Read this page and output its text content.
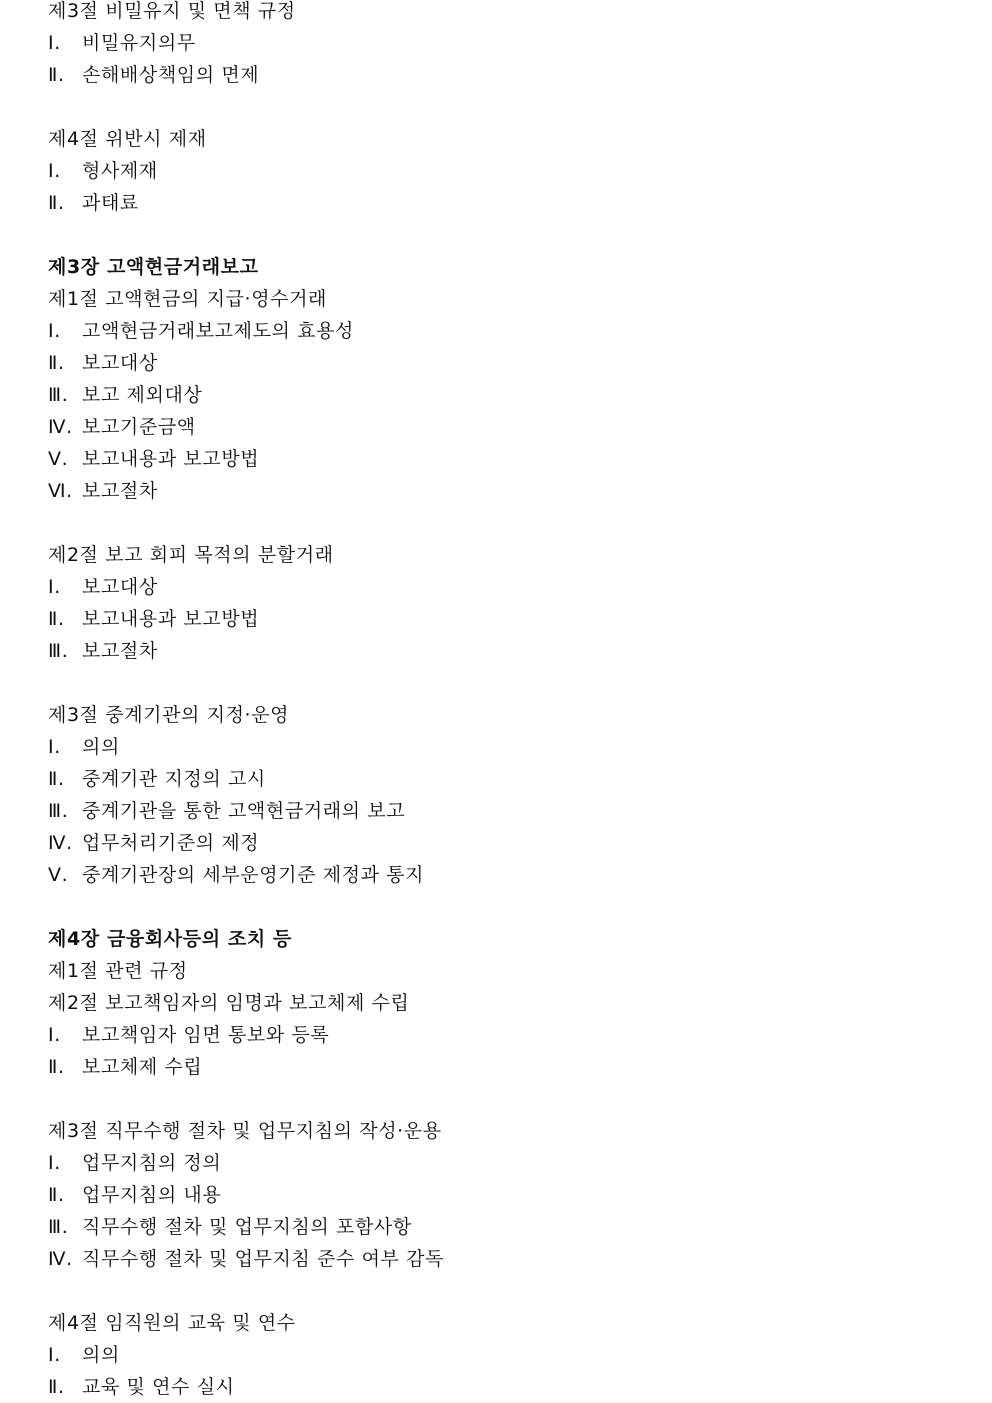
제3절 비밀유지 및 면책 규정
Ⅰ. 비밀유지의무
Ⅱ. 손해배상책임의 면제
제4절 위반시 제재
Ⅰ. 형사제재
Ⅱ. 과태료
제3장 고액현금거래보고
제1절 고액현금의 지급·영수거래
Ⅰ. 고액현금거래보고제도의 효용성
Ⅱ. 보고대상
Ⅲ. 보고 제외대상
Ⅳ. 보고기준금액
Ⅴ. 보고내용과 보고방법
Ⅵ. 보고절차
제2절 보고 회피 목적의 분할거래
Ⅰ. 보고대상
Ⅱ. 보고내용과 보고방법
Ⅲ. 보고절차
제3절 중계기관의 지정·운영
Ⅰ. 의의
Ⅱ. 중계기관 지정의 고시
Ⅲ. 중계기관을 통한 고액현금거래의 보고
Ⅳ. 업무처리기준의 제정
Ⅴ. 중계기관장의 세부운영기준 제정과 통지
제4장 금융회사등의 조치 등
제1절 관련 규정
제2절 보고책임자의 임명과 보고체제 수립
Ⅰ. 보고책임자 임면 통보와 등록
Ⅱ. 보고체제 수립
제3절 직무수행 절차 및 업무지침의 작성·운용
Ⅰ. 업무지침의 정의
Ⅱ. 업무지침의 내용
Ⅲ. 직무수행 절차 및 업무지침의 포함사항
Ⅳ. 직무수행 절차 및 업무지침 준수 여부 감독
제4절 임직원의 교육 및 연수
Ⅰ. 의의
Ⅱ. 교육 및 연수 실시
